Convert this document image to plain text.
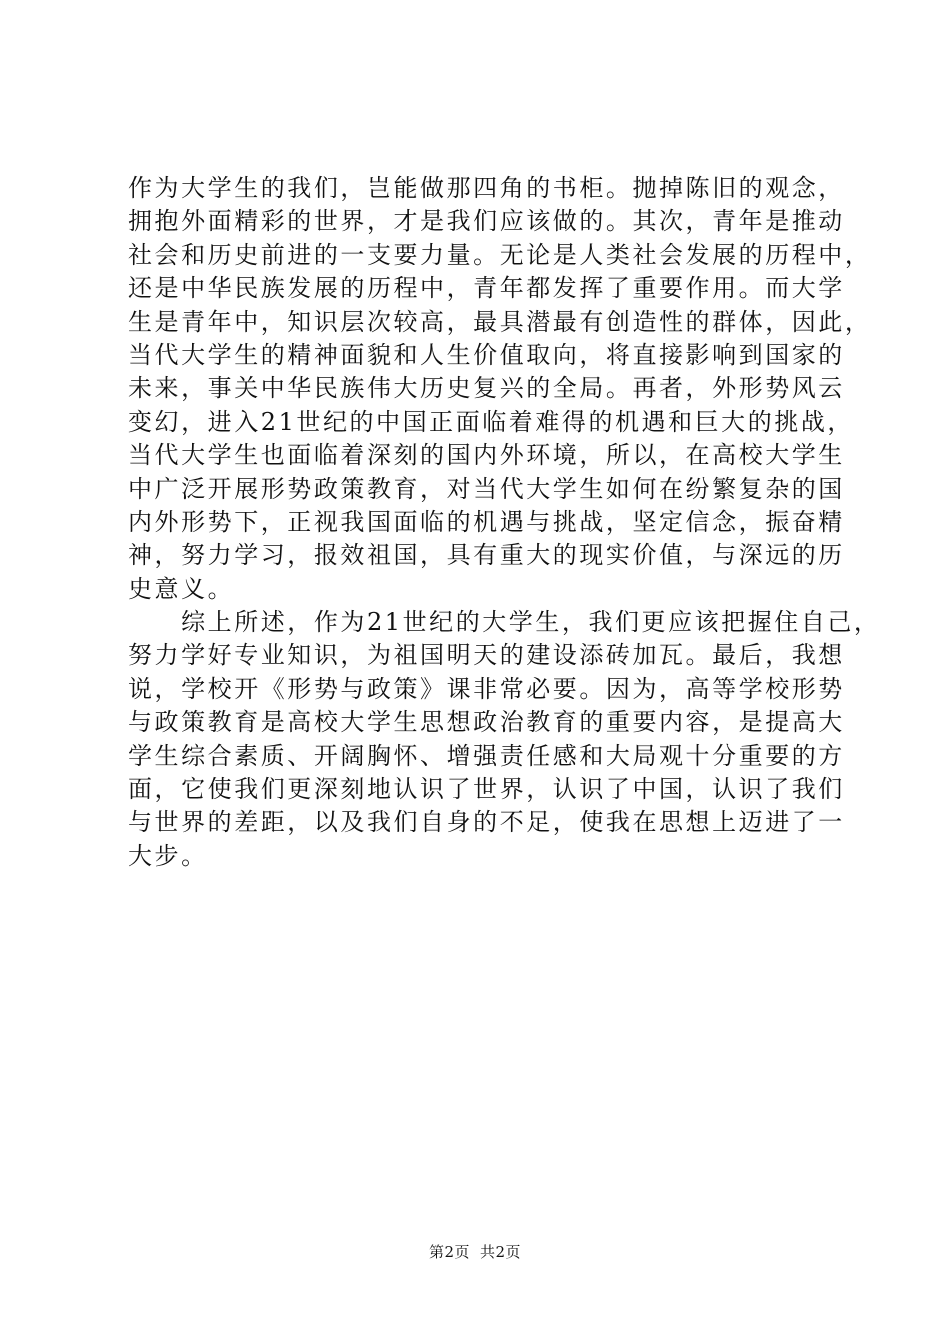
作为大学生的我们，岂能做那四角的书柜。抛掉陈旧的观念，
拥抱外面精彩的世界，才是我们应该做的。其次，青年是推动
社会和历史前进的一支要力量。无论是人类社会发展的历程中，
还是中华民族发展的历程中，青年都发挥了重要作用。而大学
生是青年中，知识层次较高，最具潜最有创造性的群体，因此，
当代大学生的精神面貌和人生价值取向，将直接影响到国家的
未来，事关中华民族伟大历史复兴的全局。再者，外形势风云
变幻，进入21世纪的中国正面临着难得的机遇和巨大的挑战，
当代大学生也面临着深刻的国内外环境，所以，在高校大学生
中广泛开展形势政策教育，对当代大学生如何在纷繁复杂的国
内外形势下，正视我国面临的机遇与挑战，坚定信念，振奋精
神，努力学习，报效祖国，具有重大的现实价值，与深远的历
史意义。
　　综上所述，作为21世纪的大学生，我们更应该把握住自己，
努力学好专业知识，为祖国明天的建设添砖加瓦。最后，我想
说，学校开《形势与政策》课非常必要。因为，高等学校形势
与政策教育是高校大学生思想政治教育的重要内容，是提高大
学生综合素质、开阔胸怀、增强责任感和大局观十分重要的方
面，它使我们更深刻地认识了世界，认识了中国，认识了我们
与世界的差距，以及我们自身的不足，使我在思想上迈进了一
大步。
第2页 共2页
